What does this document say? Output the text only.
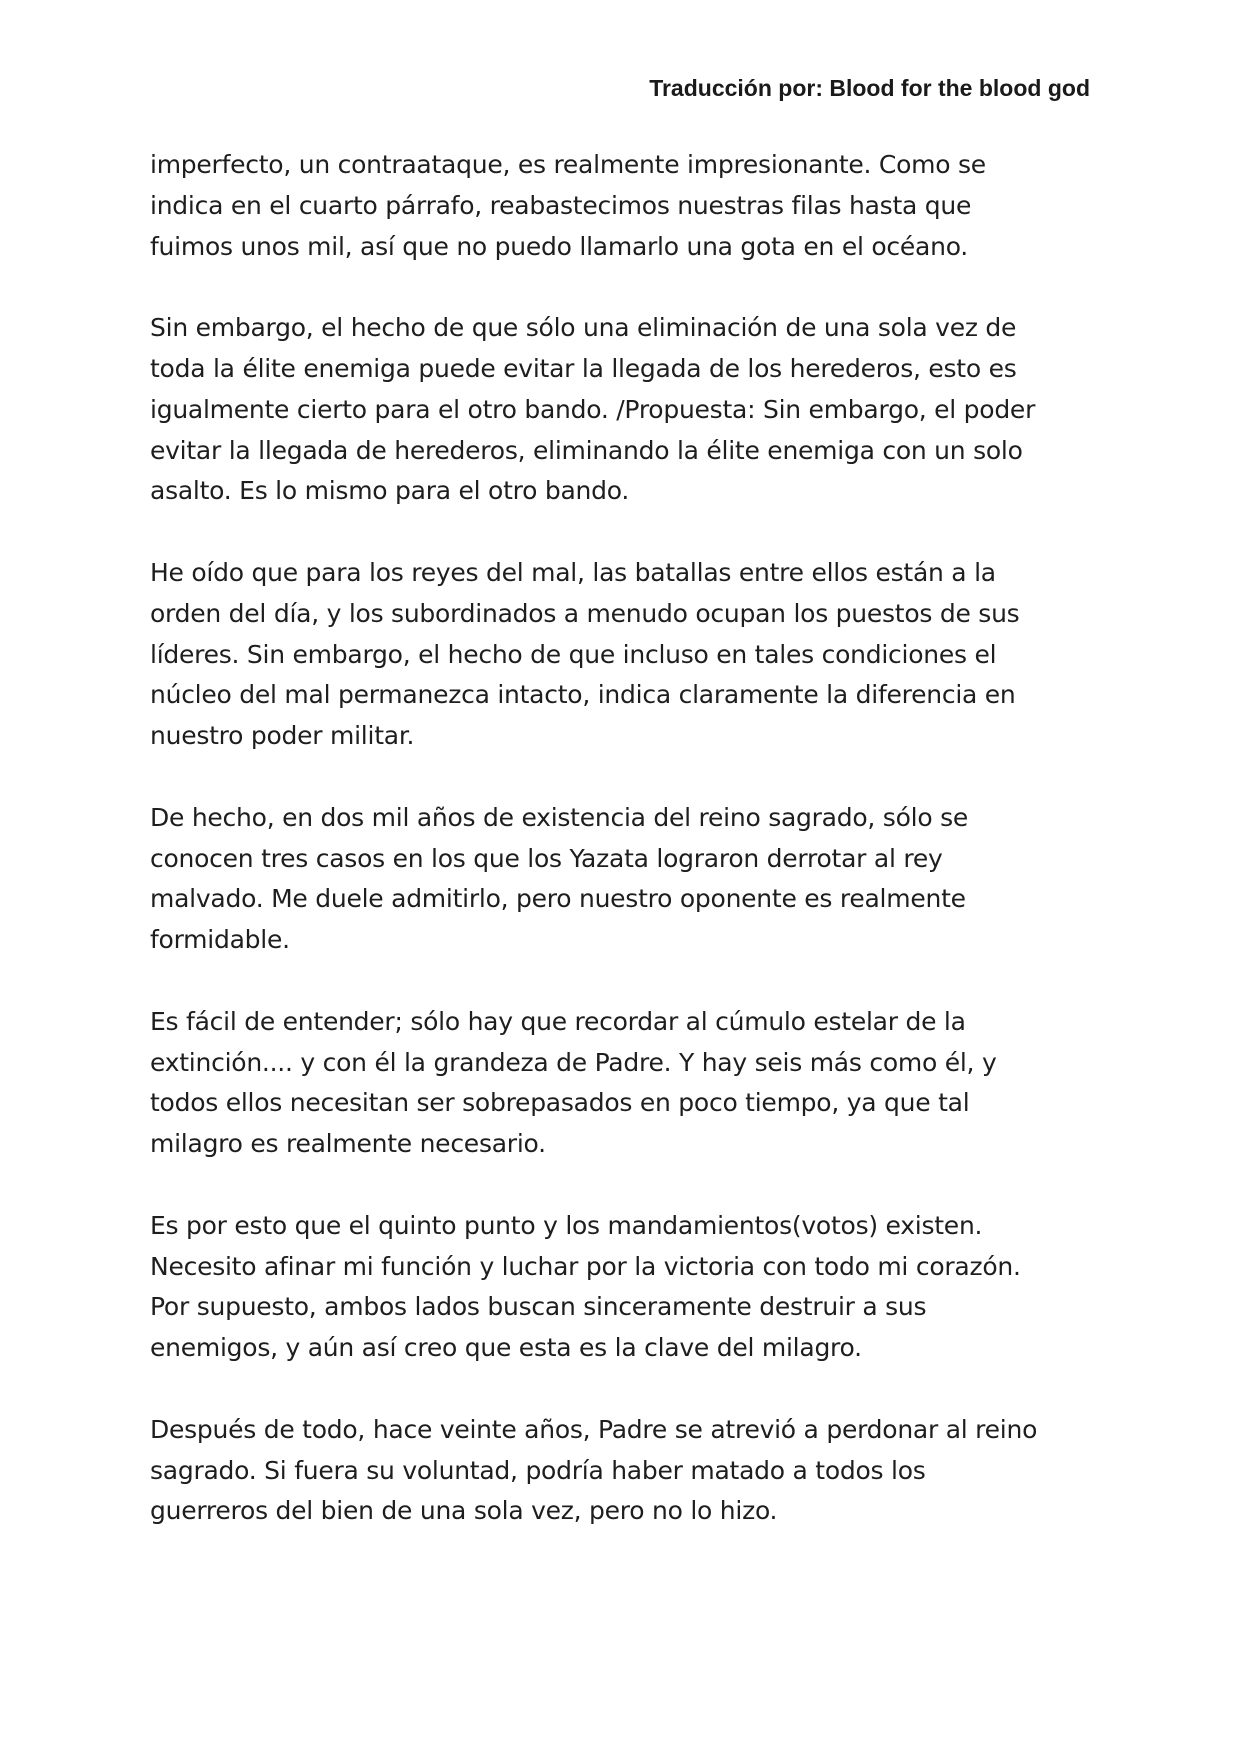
Traducción por: Blood for the blood god

imperfecto, un contraataque, es realmente impresionante. Como se
indica en el cuarto párrafo, reabastecimos nuestras filas hasta que
fuimos unos mil, así que no puedo llamarlo una gota en el océano.

Sin embargo, el hecho de que sólo una eliminación de una sola vez de
toda la élite enemiga puede evitar la llegada de los herederos, esto es
igualmente cierto para el otro bando. /Propuesta: Sin embargo, el poder
evitar la llegada de herederos, eliminando la élite enemiga con un solo
asalto. Es lo mismo para el otro bando.

He oído que para los reyes del mal, las batallas entre ellos están a la
orden del día, y los subordinados a menudo ocupan los puestos de sus
líderes. Sin embargo, el hecho de que incluso en tales condiciones el
núcleo del mal permanezca intacto, indica claramente la diferencia en
nuestro poder militar.

De hecho, en dos mil años de existencia del reino sagrado, sólo se
conocen tres casos en los que los Yazata lograron derrotar al rey
malvado. Me duele admitirlo, pero nuestro oponente es realmente
formidable.

Es fácil de entender; sólo hay que recordar al cúmulo estelar de la
extinción.... y con él la grandeza de Padre. Y hay seis más como él, y
todos ellos necesitan ser sobrepasados en poco tiempo, ya que tal
milagro es realmente necesario.

Es por esto que el quinto punto y los mandamientos(votos) existen.
Necesito afinar mi función y luchar por la victoria con todo mi corazón.
Por supuesto, ambos lados buscan sinceramente destruir a sus
enemigos, y aún así creo que esta es la clave del milagro.

Después de todo, hace veinte años, Padre se atrevió a perdonar al reino
sagrado. Si fuera su voluntad, podría haber matado a todos los
guerreros del bien de una sola vez, pero no lo hizo.
